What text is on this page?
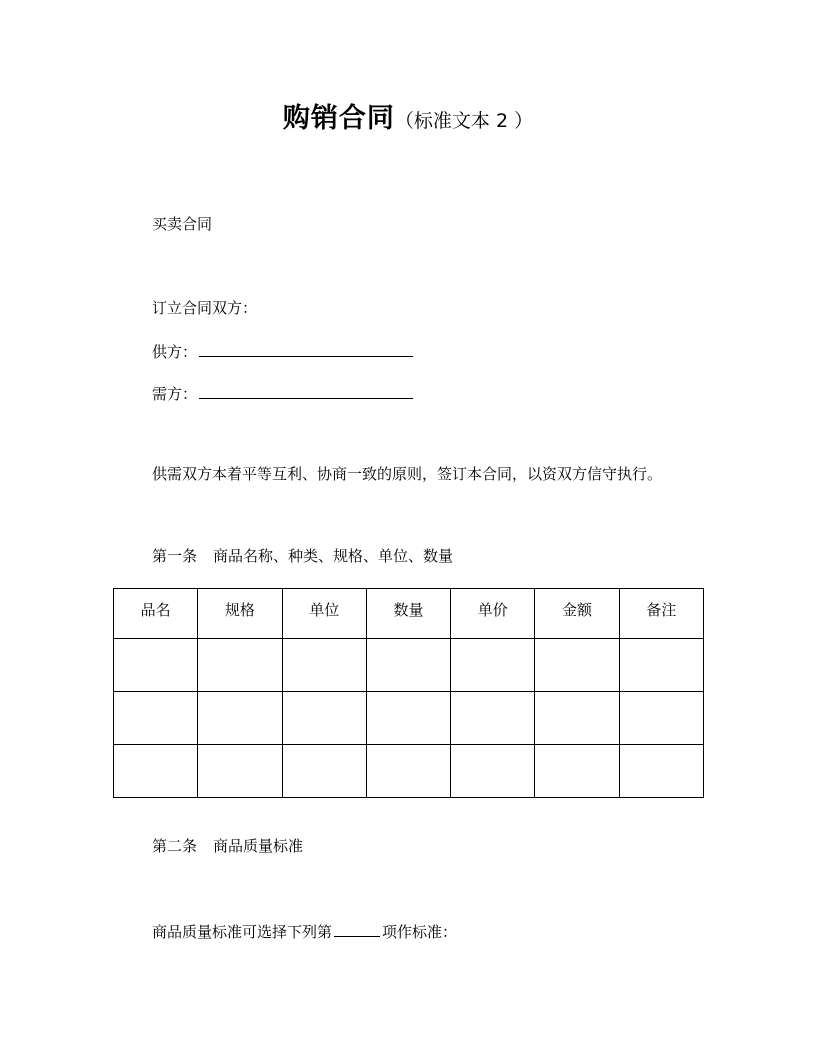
购销合同（标准文本 2 ）
买卖合同
订立合同双方：
供方：
需方：
供需双方本着平等互利、协商一致的原则，签订本合同，以资双方信守执行。
第一条 商品名称、种类、规格、单位、数量
品名	规格	单位	数量	单价	金额	备注

第二条 商品质量标准
商品质量标准可选择下列第	项作标准：
